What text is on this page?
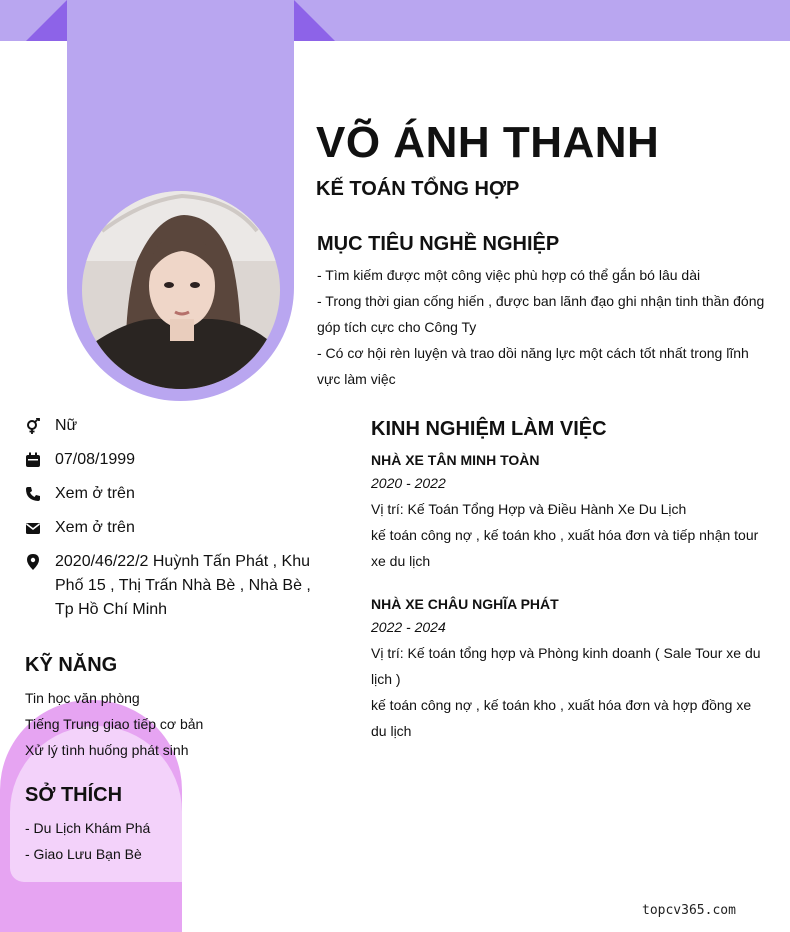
VÕ ÁNH THANH
KẾ TOÁN TỔNG HỢP
MỤC TIÊU NGHỀ NGHIỆP
- Tìm kiếm được một công việc phù hợp có thể gắn bó lâu dài
- Trong thời gian cống hiến , được ban lãnh đạo ghi nhận tinh thần đóng góp tích cực cho Công Ty
- Có cơ hội rèn luyện và trao dồi năng lực một cách tốt nhất trong lĩnh vực làm việc
Nữ
07/08/1999
Xem ở trên
Xem ở trên
2020/46/22/2 Huỳnh Tấn Phát , Khu Phố 15 , Thị Trấn Nhà Bè , Nhà Bè , Tp Hồ Chí Minh
KỸ NĂNG
Tin học văn phòng
Tiếng Trung giao tiếp cơ bản
Xử lý tình huống phát sinh
SỞ THÍCH
- Du Lịch Khám Phá
- Giao Lưu Bạn Bè
KINH NGHIỆM LÀM VIỆC
NHÀ XE TÂN MINH TOÀN
2020 - 2022
Vị trí: Kế Toán Tổng Hợp và Điều Hành Xe Du Lịch
kế toán công nợ , kế toán kho , xuất hóa đơn và tiếp nhận tour xe du lịch
NHÀ XE CHÂU NGHĨA PHÁT
2022 - 2024
Vị trí: Kế toán tổng hợp và Phòng kinh doanh ( Sale Tour xe du lịch )
kế toán công nợ , kế toán kho , xuất hóa đơn và hợp đồng xe du lịch
topcv365.com
